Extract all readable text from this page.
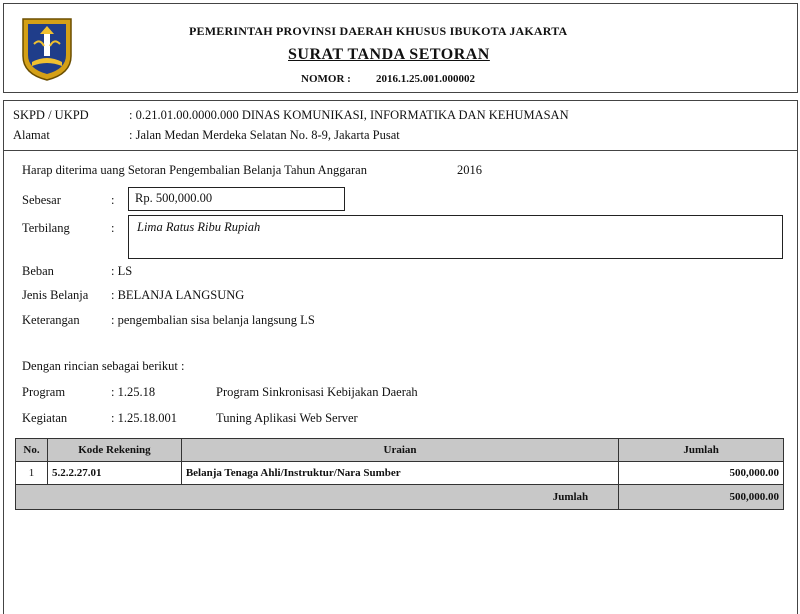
PEMERINTAH PROVINSI DAERAH KHUSUS IBUKOTA JAKARTA
SURAT TANDA SETORAN
NOMOR : 2016.1.25.001.000002
SKPD / UKPD	: 0.21.01.00.0000.000 DINAS KOMUNIKASI, INFORMATIKA DAN KEHUMASAN
Alamat	: Jalan Medan Merdeka Selatan No. 8-9, Jakarta Pusat
Harap diterima uang Setoran Pengembalian Belanja Tahun Anggaran	2016
Sebesar	: Rp. 500,000.00
Terbilang	: Lima Ratus Ribu Rupiah
Beban	: LS
Jenis Belanja : BELANJA LANGSUNG
Keterangan	: pengembalian sisa belanja langsung LS
Dengan rincian sebagai berikut :
Program	: 1.25.18	Program Sinkronisasi Kebijakan Daerah
Kegiatan	: 1.25.18.001	Tuning Aplikasi Web Server
No.	Kode Rekening	Uraian	Jumlah
1	5.2.2.27.01	Belanja Tenaga Ahli/Instruktur/Nara Sumber	500,000.00
Jumlah			500,000.00
